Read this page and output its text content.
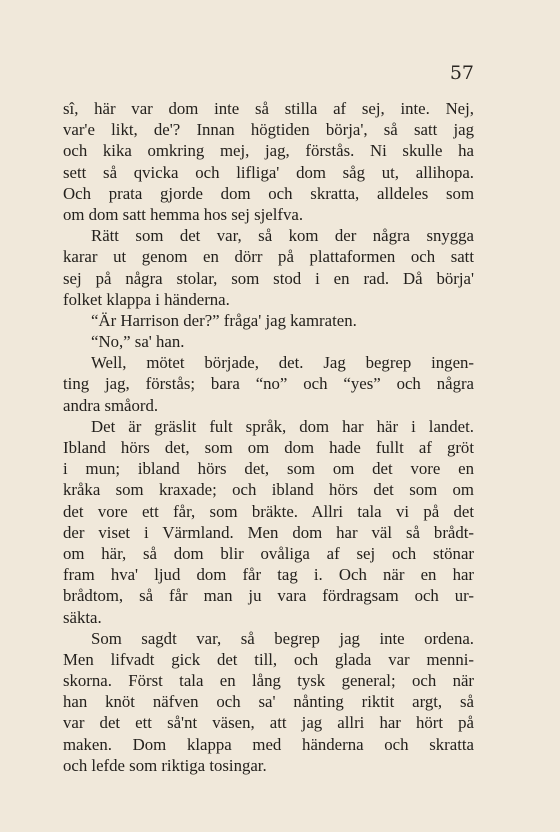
57
sî, här var dom inte så stilla af sej, inte. Nej,
var'e likt, de'? Innan högtiden börja', så satt jag
och kika omkring mej, jag, förstås. Ni skulle ha
sett så qvicka och lifliga' dom såg ut, allihopa.
Och prata gjorde dom och skratta, alldeles som
om dom satt hemma hos sej sjelfva.
Rätt som det var, så kom der några snygga
karar ut genom en dörr på plattaformen och satt
sej på några stolar, som stod i en rad. Då börja'
folket klappa i händerna.
“Är Harrison der?” fråga' jag kamraten.
“No,” sa' han.
Well, mötet började, det. Jag begrep ingen-
ting jag, förstås; bara “no” och “yes” och några
andra småord.
Det är gräslit fult språk, dom har här i landet.
Ibland hörs det, som om dom hade fullt af gröt
i mun; ibland hörs det, som om det vore en
kråka som kraxade; och ibland hörs det som om
det vore ett får, som bräkte. Allri tala vi på det
der viset i Värmland. Men dom har väl så brådt-
om här, så dom blir ovåliga af sej och stönar
fram hva' ljud dom får tag i. Och när en har
brådtom, så får man ju vara fördragsam och ur-
säkta.
Som sagdt var, så begrep jag inte ordena.
Men lifvadt gick det till, och glada var menni-
skorna. Först tala en lång tysk general; och när
han knöt näfven och sa' nånting riktit argt, så
var det ett så'nt väsen, att jag allri har hört på
maken. Dom klappa med händerna och skratta
och lefde som riktiga tosingar.
